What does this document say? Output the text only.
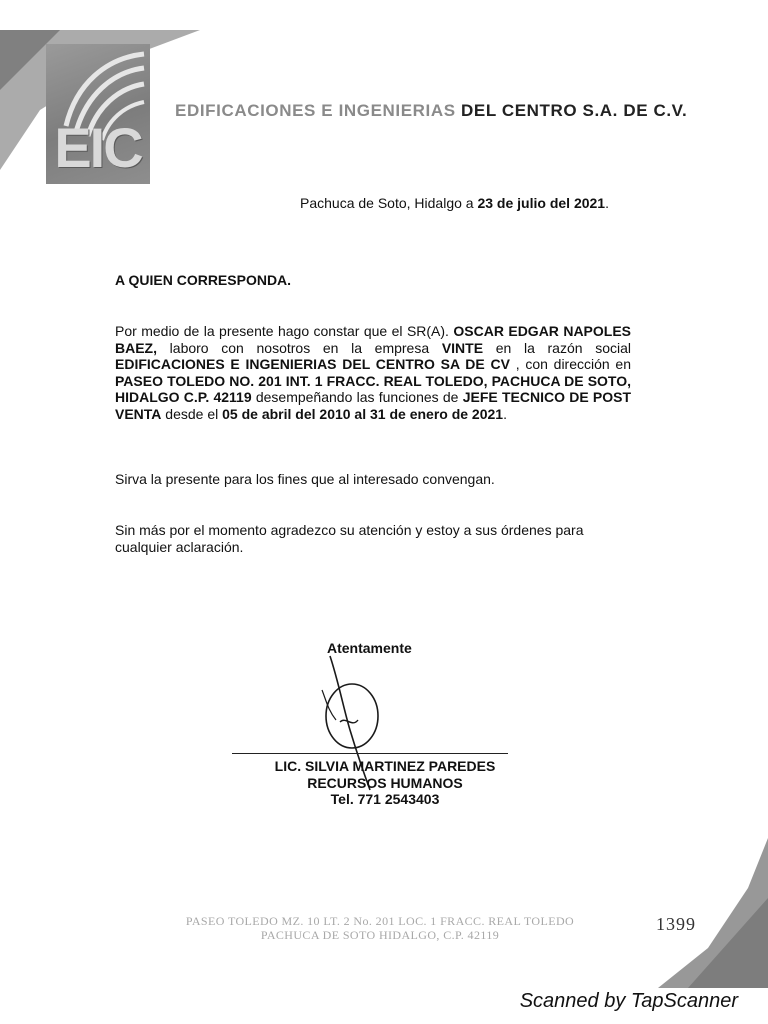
EIC
EDIFICACIONES E INGENIERIAS DEL CENTRO S.A. DE C.V.
Pachuca de Soto, Hidalgo a 23 de julio del 2021.
A QUIEN CORRESPONDA.
Por medio de la presente hago constar que el SR(A). OSCAR EDGAR NAPOLES BAEZ, laboro con nosotros en la empresa VINTE en la razón social EDIFICACIONES E INGENIERIAS DEL CENTRO SA DE CV , con dirección en PASEO TOLEDO NO. 201 INT. 1 FRACC. REAL TOLEDO, PACHUCA DE SOTO, HIDALGO C.P. 42119 desempeñando las funciones de JEFE TECNICO DE POST VENTA desde el 05 de abril del 2010 al 31 de enero de 2021.
Sirva la presente para los fines que al interesado convengan.
Sin más por el momento agradezco su atención y estoy a sus órdenes para cualquier aclaración.
Atentamente
LIC. SILVIA MARTINEZ PAREDES
RECURSOS HUMANOS
Tel. 771 2543403
PASEO TOLEDO MZ. 10 LT. 2 No. 201 LOC. 1 FRACC. REAL TOLEDO
PACHUCA DE SOTO HIDALGO, C.P. 42119
1399
Scanned by TapScanner
